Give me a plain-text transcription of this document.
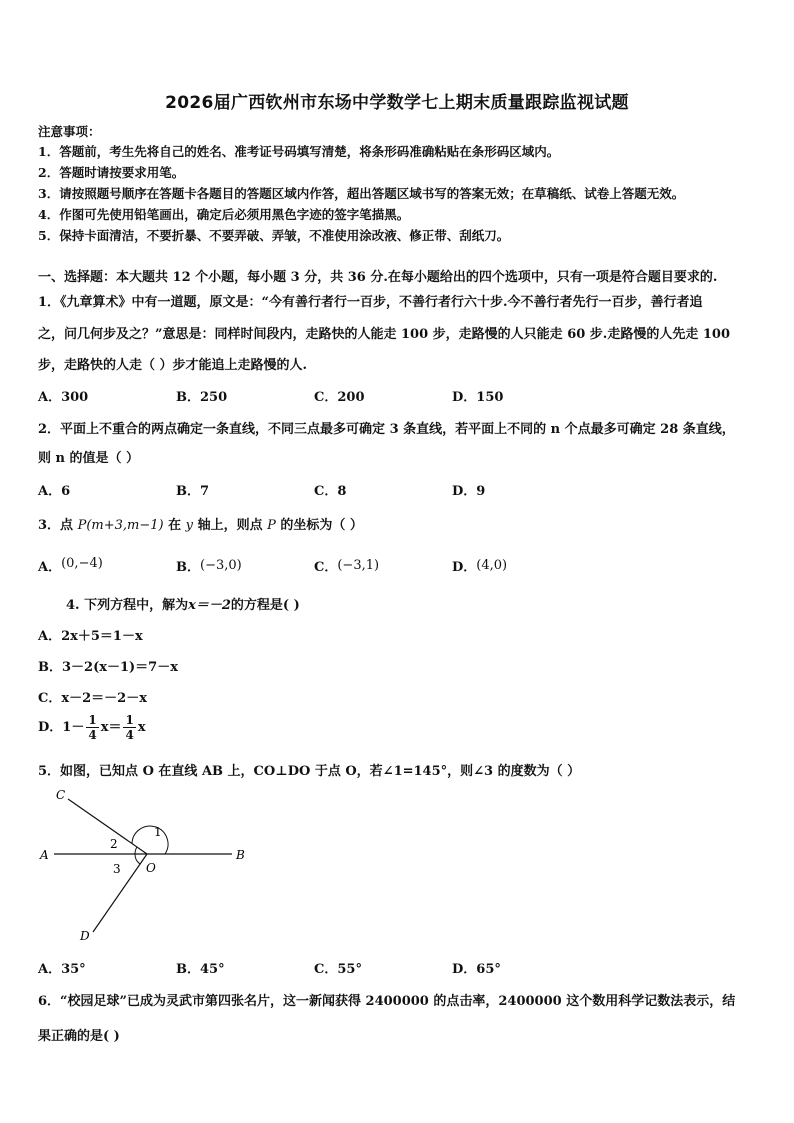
2026届广西钦州市东场中学数学七上期末质量跟踪监视试题
注意事项：
1．答题前，考生先将自己的姓名、准考证号码填写清楚，将条形码准确粘贴在条形码区域内。
2．答题时请按要求用笔。
3．请按照题号顺序在答题卡各题目的答题区域内作答，超出答题区域书写的答案无效；在草稿纸、试卷上答题无效。
4．作图可先使用铅笔画出，确定后必须用黑色字迹的签字笔描黑。
5．保持卡面清洁，不要折暴、不要弄破、弄皱，不准使用涂改液、修正带、刮纸刀。
一、选择题：本大题共 12 个小题，每小题 3 分，共 36 分.在每小题给出的四个选项中，只有一项是符合题目要求的.
1．《九章算术》中有一道题，原文是：“今有善行者行一百步，不善行者行六十步.今不善行者先行一百步，善行者追
之，问几何步及之？”意思是：同样时间段内，走路快的人能走 100 步，走路慢的人只能走 60 步.走路慢的人先走 100
步，走路快的人走（ ）步才能追上走路慢的人.
A．300	B．250	C．200	D．150
2．平面上不重合的两点确定一条直线，不同三点最多可确定 3 条直线，若平面上不同的 n 个点最多可确定 28 条直线，
则 n 的值是（ ）
A．6	B．7	C．8	D．9
3．点 P(m+3,m−1) 在 y 轴上，则点 P 的坐标为（ ）
A．(0,−4)	B．(−3,0)	C．(−3,1)	D．(4,0)
4. 下列方程中，解为x＝－2的方程是( )
A．2x＋5＝1－x
B．3－2(x－1)＝7－x
C．x－2＝－2－x
D．$1- \frac{1}{4} x= \frac{1}{4}$ x
5．如图，已知点 O 在直线 AB 上，CO⊥DO 于点 O，若∠1=145°，则∠3 的度数为（ ）
C
A	B
O
D
1
2
3
A．35°	B．45°	C．55°	D．65°
6．“校园足球”已成为灵武市第四张名片，这一新闻获得 2400000 的点击率，2400000 这个数用科学记数法表示，结
果正确的是( )
